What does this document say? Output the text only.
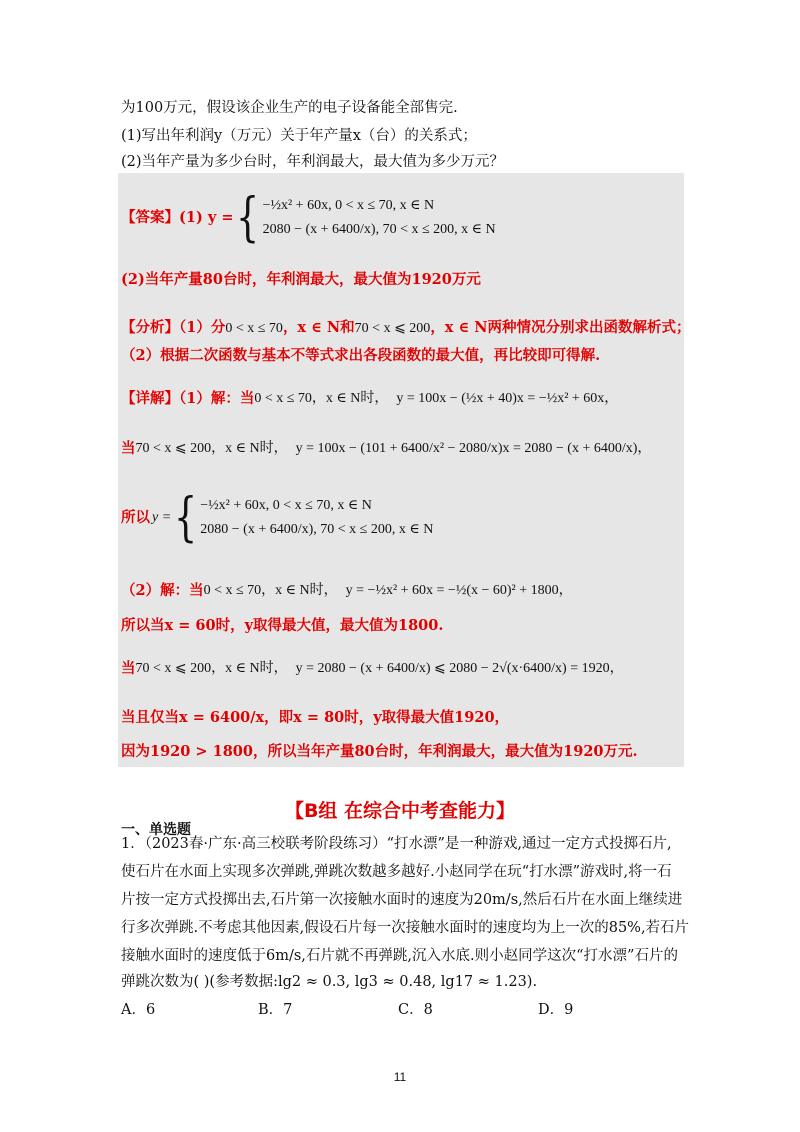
为100万元，假设该企业生产的电子设备能全部售完.
(1)写出年利润y（万元）关于年产量x（台）的关系式；
(2)当年产量为多少台时，年利润最大，最大值为多少万元？
【答案】(1) y = { −½x² + 60x, 0 < x ≤ 70, x ∈ N
2080 − (x + 6400/x), 70 < x ≤ 200, x ∈ N
(2)当年产量80台时，年利润最大，最大值为1920万元
【分析】（1）分0 < x ≤ 70，x ∈ N和70 < x ⩽ 200，x ∈ N两种情况分别求出函数解析式；
（2）根据二次函数与基本不等式求出各段函数的最大值，再比较即可得解.
【详解】（1）解：当 0 < x ≤ 70，x ∈ N时， y = 100x − (½x + 40)x = −½x² + 60x，
当 70 < x ⩽ 200，x ∈ N时， y = 100x − (101 + 6400/x² − 2080/x)x = 2080 − (x + 6400/x)，
所以 y = { −½x² + 60x, 0 < x ≤ 70, x ∈ N
2080 − (x + 6400/x), 70 < x ≤ 200, x ∈ N
（2）解：当 0 < x ≤ 70，x ∈ N时， y = −½x² + 60x = −½(x − 60)² + 1800，
所以当x = 60时，y取得最大值，最大值为1800.
当 70 < x ⩽ 200，x ∈ N时， y = 2080 − (x + 6400/x) ⩽ 2080 − 2√(x·6400/x) = 1920，
当且仅当x = 6400/x，即x = 80时，y取得最大值1920，
因为1920 > 1800，所以当年产量80台时，年利润最大，最大值为1920万元.
【B组 在综合中考查能力】
一、单选题
1．（2023春·广东·高三校联考阶段练习）“打水漂”是一种游戏,通过一定方式投掷石片,
使石片在水面上实现多次弹跳,弹跳次数越多越好.小赵同学在玩“打水漂”游戏时,将一石
片按一定方式投掷出去,石片第一次接触水面时的速度为20m/s,然后石片在水面上继续进
行多次弹跳.不考虑其他因素,假设石片每一次接触水面时的速度均为上一次的85%,若石片
接触水面时的速度低于6m/s,石片就不再弹跳,沉入水底.则小赵同学这次“打水漂”石片的
弹跳次数为( )(参考数据:lg2 ≈ 0.3, lg3 ≈ 0.48, lg17 ≈ 1.23).
A．6	B．7	C．8	D．9
11
